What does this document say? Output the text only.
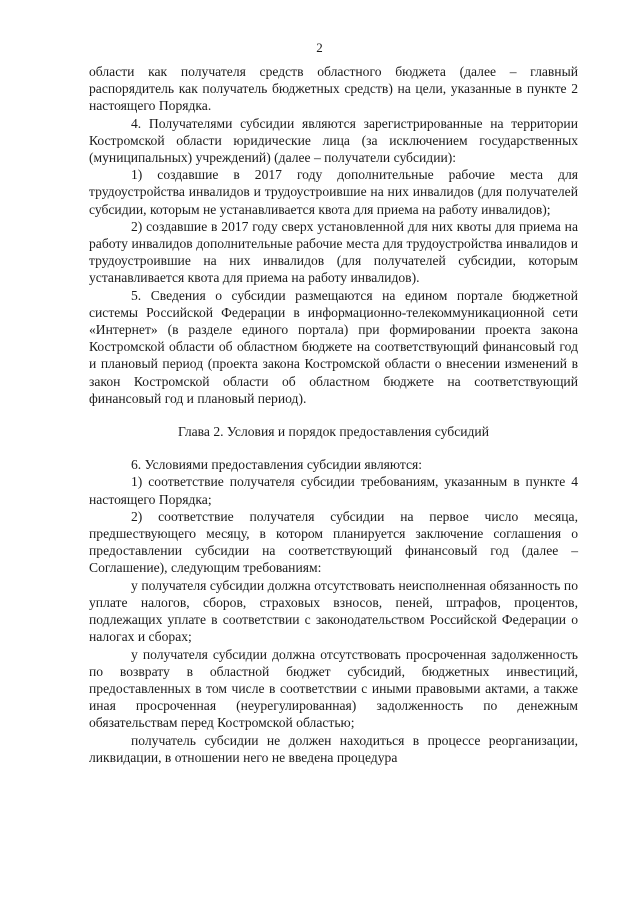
2

области как получателя средств областного бюджета (далее – главный распорядитель как получатель бюджетных средств) на цели, указанные в пункте 2 настоящего Порядка.

4. Получателями субсидии являются зарегистрированные на территории Костромской области юридические лица (за исключением государственных (муниципальных) учреждений) (далее – получатели субсидии):

1) создавшие в 2017 году дополнительные рабочие места для трудоустройства инвалидов и трудоустроившие на них инвалидов (для получателей субсидии, которым не устанавливается квота для приема на работу инвалидов);

2) создавшие в 2017 году сверх установленной для них квоты для приема на работу инвалидов дополнительные рабочие места для трудоустройства инвалидов и трудоустроившие на них инвалидов (для получателей субсидии, которым устанавливается квота для приема на работу инвалидов).

5. Сведения о субсидии размещаются на едином портале бюджетной системы Российской Федерации в информационно-телекоммуникационной сети «Интернет» (в разделе единого портала) при формировании проекта закона Костромской области об областном бюджете на соответствующий финансовый год и плановый период (проекта закона Костромской области о внесении изменений в закон Костромской области об областном бюджете на соответствующий финансовый год и плановый период).

Глава 2. Условия и порядок предоставления субсидий

6. Условиями предоставления субсидии являются:

1) соответствие получателя субсидии требованиям, указанным в пункте 4 настоящего Порядка;

2) соответствие получателя субсидии на первое число месяца, предшествующего месяцу, в котором планируется заключение соглашения о предоставлении субсидии на соответствующий финансовый год (далее – Соглашение), следующим требованиям:

у получателя субсидии должна отсутствовать неисполненная обязанность по уплате налогов, сборов, страховых взносов, пеней, штрафов, процентов, подлежащих уплате в соответствии с законодательством Российской Федерации о налогах и сборах;

у получателя субсидии должна отсутствовать просроченная задолженность по возврату в областной бюджет субсидий, бюджетных инвестиций, предоставленных в том числе в соответствии с иными правовыми актами, а также иная просроченная (неурегулированная) задолженность по денежным обязательствам перед Костромской областью;

получатель субсидии не должен находиться в процессе реорганизации, ликвидации, в отношении него не введена процедура
